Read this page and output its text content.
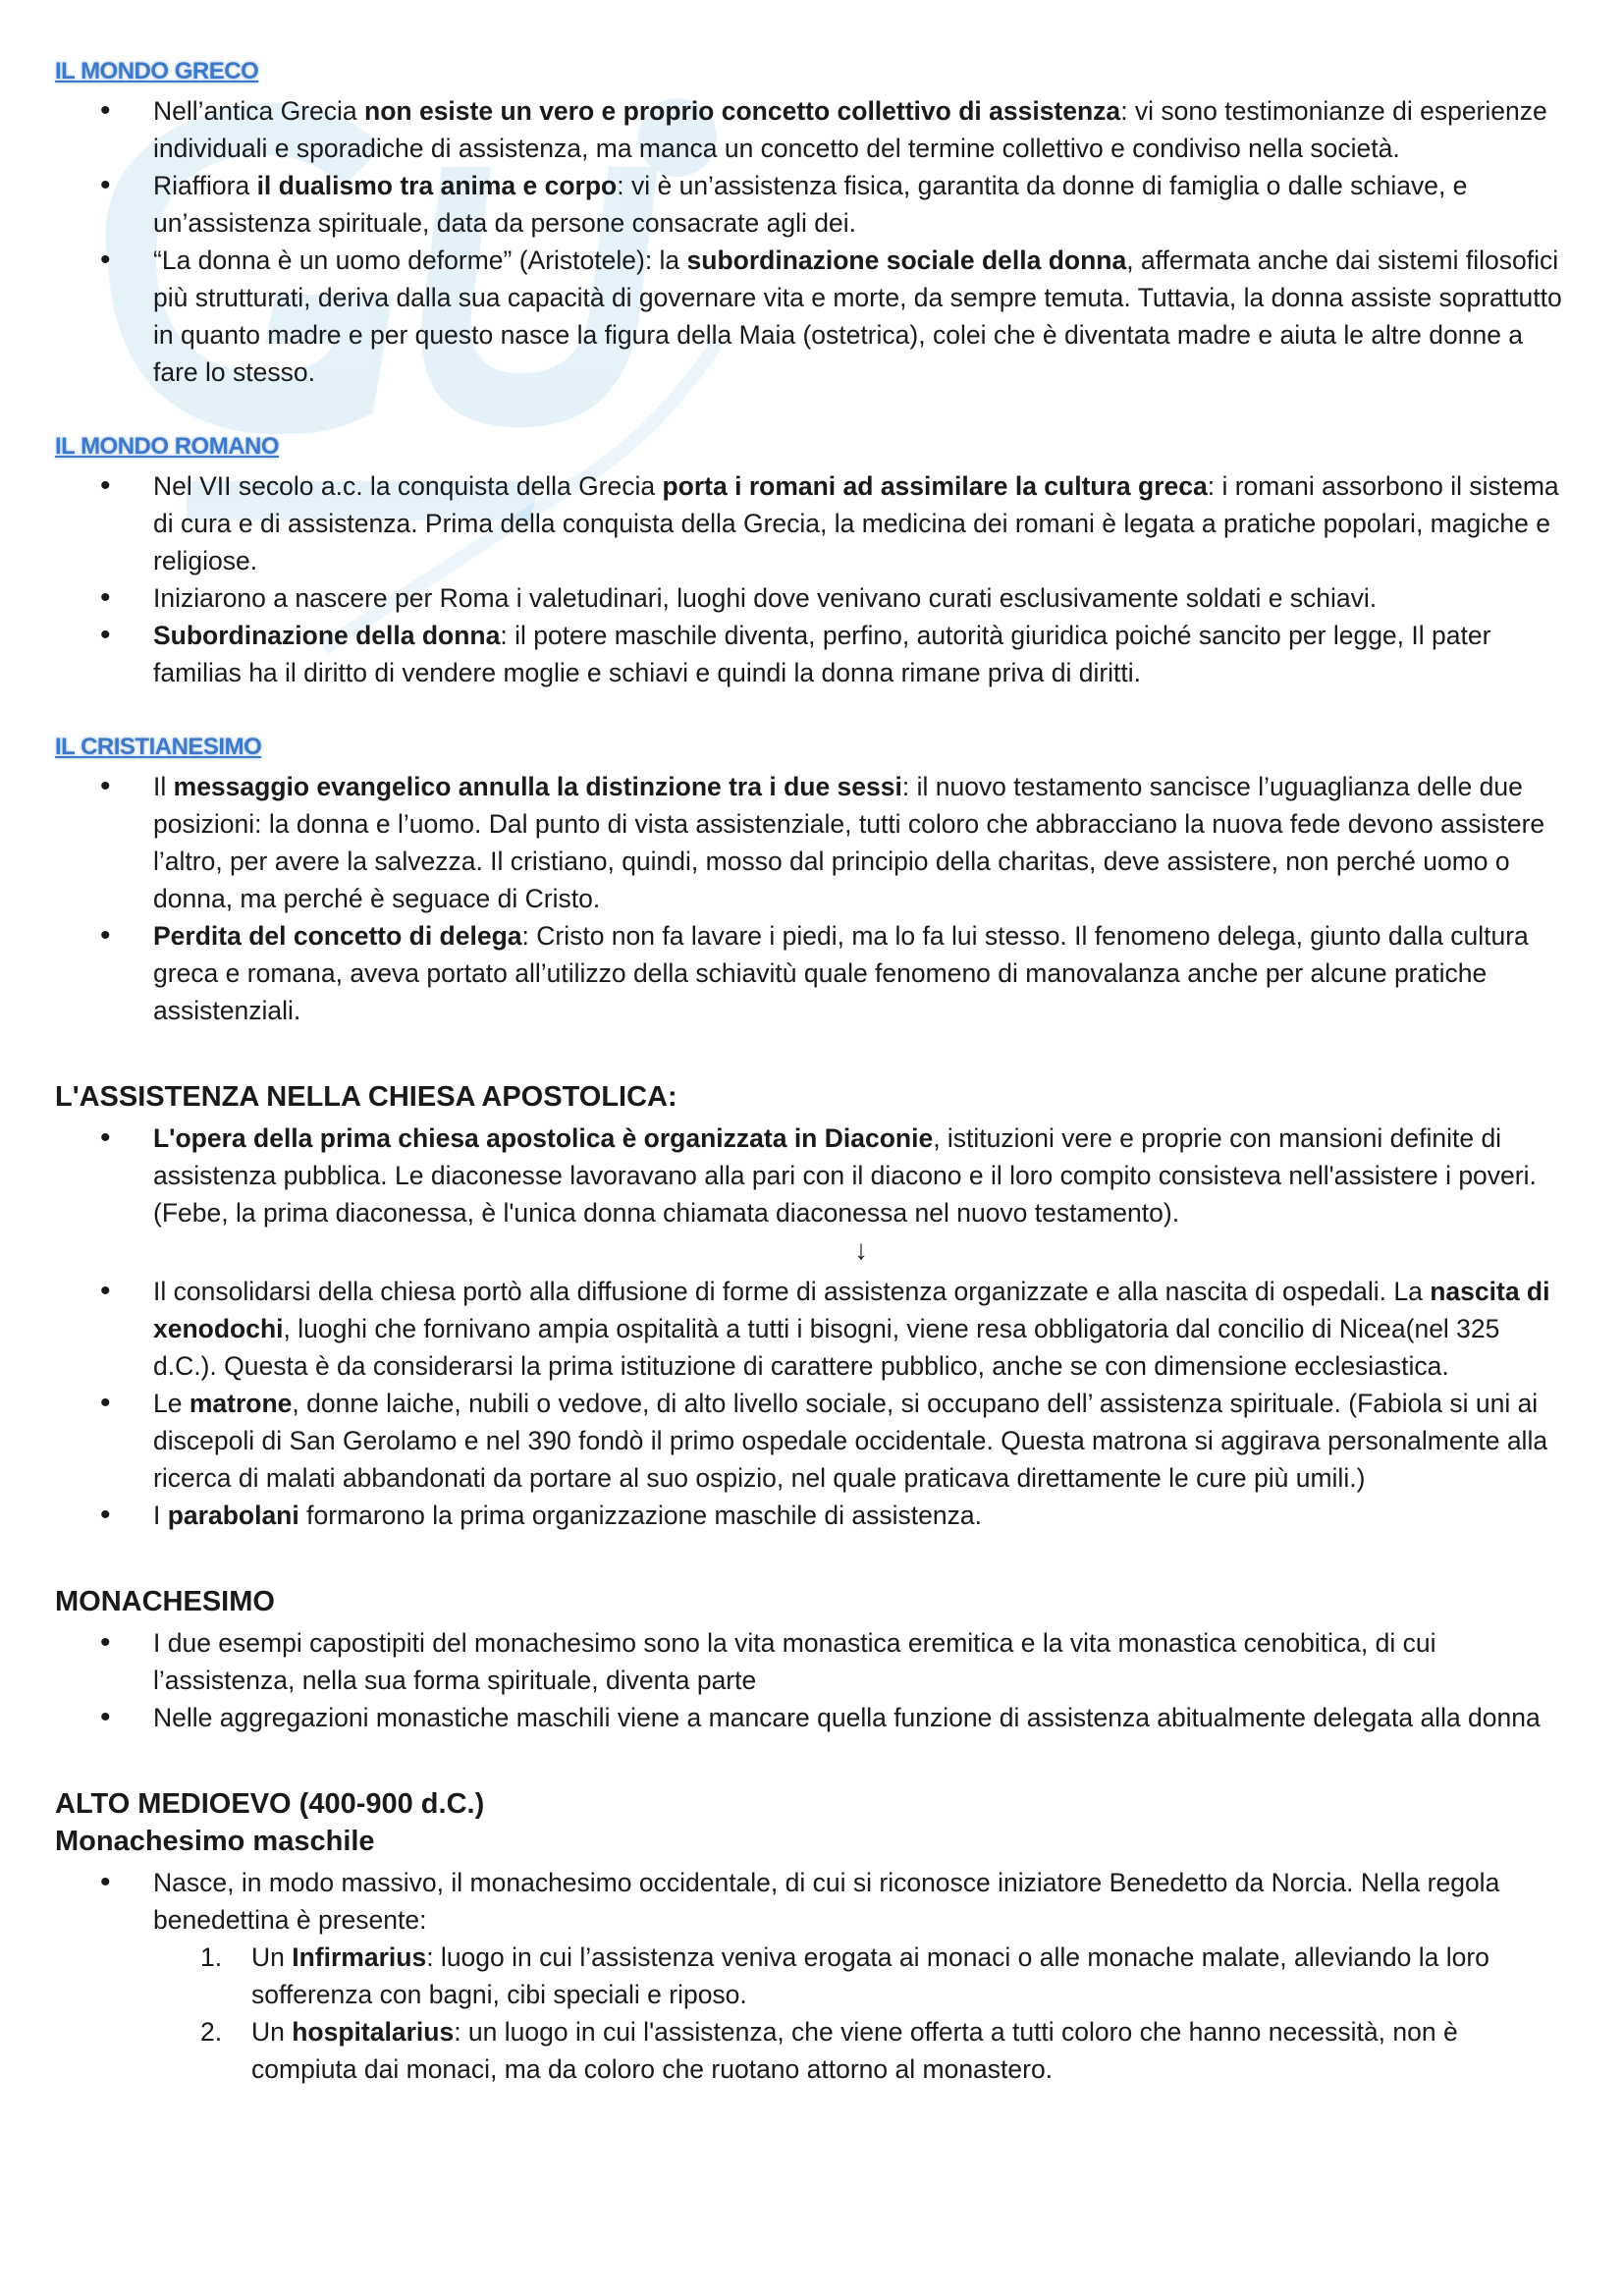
IL MONDO GRECO
• Nell’antica Grecia non esiste un vero e proprio concetto collettivo di assistenza: vi sono testimonianze di esperienze individuali e sporadiche di assistenza, ma manca un concetto del termine collettivo e condiviso nella società.
• Riaffiora il dualismo tra anima e corpo: vi è un’assistenza fisica, garantita da donne di famiglia o dalle schiave, e un’assistenza spirituale, data da persone consacrate agli dei.
• “La donna è un uomo deforme” (Aristotele): la subordinazione sociale della donna, affermata anche dai sistemi filosofici più strutturati, deriva dalla sua capacità di governare vita e morte, da sempre temuta. Tuttavia, la donna assiste soprattutto in quanto madre e per questo nasce la figura della Maia (ostetrica), colei che è diventata madre e aiuta le altre donne a fare lo stesso.
IL MONDO ROMANO
• Nel VII secolo a.c. la conquista della Grecia porta i romani ad assimilare la cultura greca: i romani assorbono il sistema di cura e di assistenza. Prima della conquista della Grecia, la medicina dei romani è legata a pratiche popolari, magiche e religiose.
• Iniziarono a nascere per Roma i valetudinari, luoghi dove venivano curati esclusivamente soldati e schiavi.
• Subordinazione della donna: il potere maschile diventa, perfino, autorità giuridica poiché sancito per legge, Il pater familias ha il diritto di vendere moglie e schiavi e quindi la donna rimane priva di diritti.
IL CRISTIANESIMO
• Il messaggio evangelico annulla la distinzione tra i due sessi: il nuovo testamento sancisce l’uguaglianza delle due posizioni: la donna e l’uomo. Dal punto di vista assistenziale, tutti coloro che abbracciano la nuova fede devono assistere l’altro, per avere la salvezza. Il cristiano, quindi, mosso dal principio della charitas, deve assistere, non perché uomo o donna, ma perché è seguace di Cristo.
• Perdita del concetto di delega: Cristo non fa lavare i piedi, ma lo fa lui stesso. Il fenomeno delega, giunto dalla cultura greca e romana, aveva portato all’utilizzo della schiavitù quale fenomeno di manovalanza anche per alcune pratiche assistenziali.
L'ASSISTENZA NELLA CHIESA APOSTOLICA:
• L'opera della prima chiesa apostolica è organizzata in Diaconie, istituzioni vere e proprie con mansioni definite di assistenza pubblica. Le diaconesse lavoravano alla pari con il diacono e il loro compito consisteva nell'assistere i poveri. (Febe, la prima diaconessa, è l'unica donna chiamata diaconessa nel nuovo testamento).
↓
• Il consolidarsi della chiesa portò alla diffusione di forme di assistenza organizzate e alla nascita di ospedali. La nascita di xenodochi, luoghi che fornivano ampia ospitalità a tutti i bisogni, viene resa obbligatoria dal concilio di Nicea(nel 325 d.C.). Questa è da considerarsi la prima istituzione di carattere pubblico, anche se con dimensione ecclesiastica.
• Le matrone, donne laiche, nubili o vedove, di alto livello sociale, si occupano dell’ assistenza spirituale. (Fabiola si uni ai discepoli di San Gerolamo e nel 390 fondò il primo ospedale occidentale. Questa matrona si aggirava personalmente alla ricerca di malati abbandonati da portare al suo ospizio, nel quale praticava direttamente le cure più umili.)
• I parabolani formarono la prima organizzazione maschile di assistenza.
MONACHESIMO
• I due esempi capostipiti del monachesimo sono la vita monastica eremitica e la vita monastica cenobitica, di cui l’assistenza, nella sua forma spirituale, diventa parte
• Nelle aggregazioni monastiche maschili viene a mancare quella funzione di assistenza abitualmente delegata alla donna
ALTO MEDIOEVO (400-900 d.C.)
Monachesimo maschile
• Nasce, in modo massivo, il monachesimo occidentale, di cui si riconosce iniziatore Benedetto da Norcia. Nella regola benedettina è presente:
1. Un Infirmarius: luogo in cui l’assistenza veniva erogata ai monaci o alle monache malate, alleviando la loro sofferenza con bagni, cibi speciali e riposo.
2. Un hospitalarius: un luogo in cui l'assistenza, che viene offerta a tutti coloro che hanno necessità, non è compiuta dai monaci, ma da coloro che ruotano attorno al monastero.
